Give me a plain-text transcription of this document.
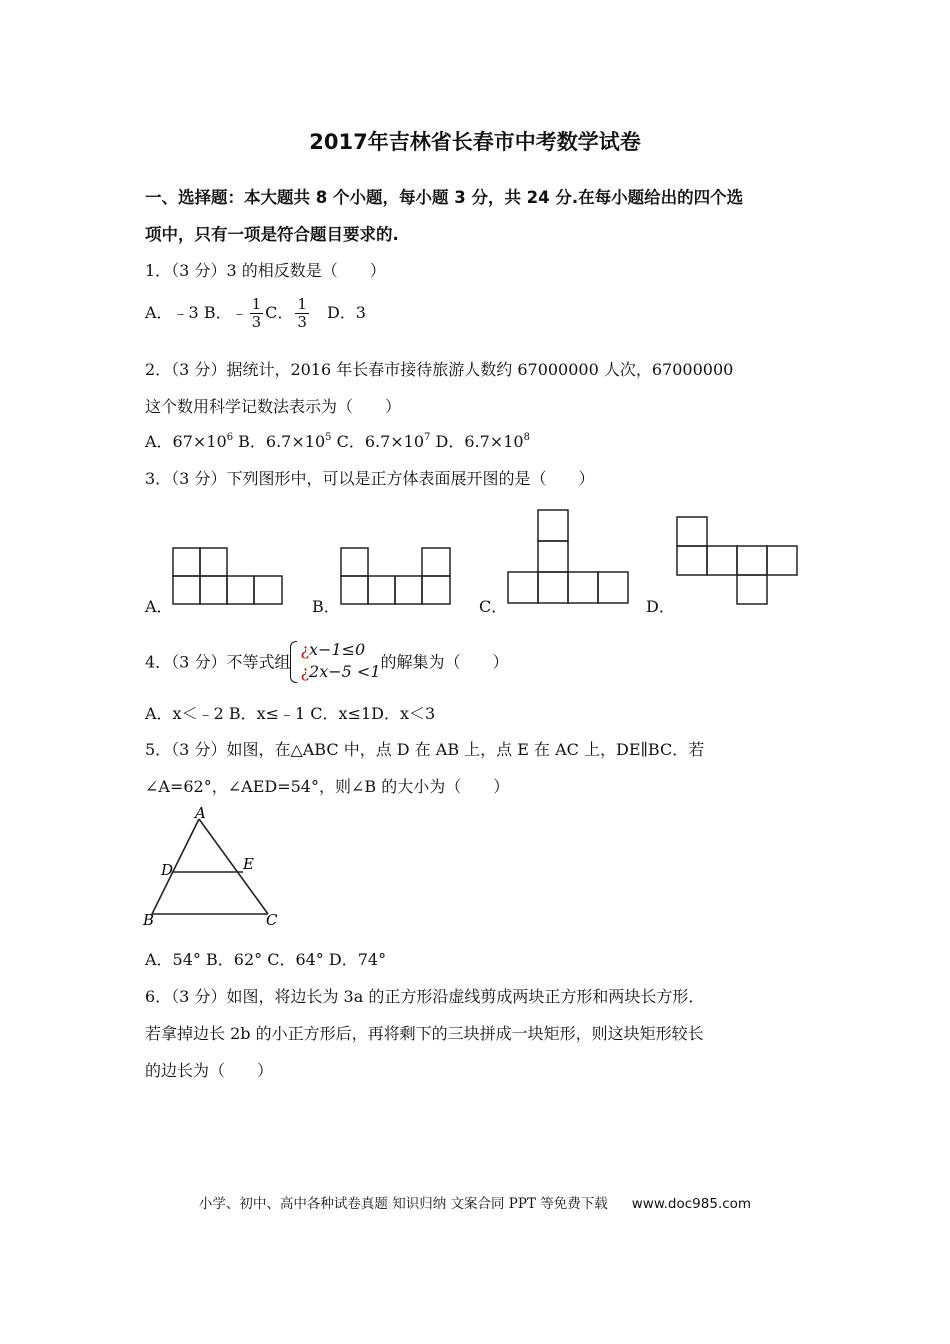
2017年吉林省长春市中考数学试卷
一、选择题：本大题共 8 个小题，每小题 3 分，共 24 分.在每小题给出的四个选
项中，只有一项是符合题目要求的.
1．（3 分）3 的相反数是（　　）
A．﹣3 B．﹣ $\frac{1}{3}$ C． $\frac{1}{3}$ 　D．3
2．（3 分）据统计，2016 年长春市接待旅游人数约 67000000 人次，67000000
这个数用科学记数法表示为（　　）
A．$67\times 10^6$ B．$6.7\times 10^5$ C．$6.7\times 10^7$ D．$6.7\times 10^8$
3．（3 分）下列图形中，可以是正方体表面展开图的是（　　）
A．	B．	C．	D．
4．（3 分）不等式组
¿x−1≤0
¿2x−5 <1的解集为（　　）
A．x＜﹣2 B．x≤﹣1 C．x≤1D．x＜3
5．（3 分）如图，在△ABC 中，点 D 在 AB 上，点 E 在 AC 上，DE∥BC．若
∠A=62°，∠AED=54°，则∠B 的大小为（　　）
A
D	E
B	C
A．54° B．62° C．64° D．74°
6．（3 分）如图，将边长为 3a 的正方形沿虚线剪成两块正方形和两块长方形．
若拿掉边长 2b 的小正方形后，再将剩下的三块拼成一块矩形，则这块矩形较长
的边长为（　　）
小学、初中、高中各种试卷真题 知识归纳 文案合同 PPT 等免费下载 www.doc985.com
